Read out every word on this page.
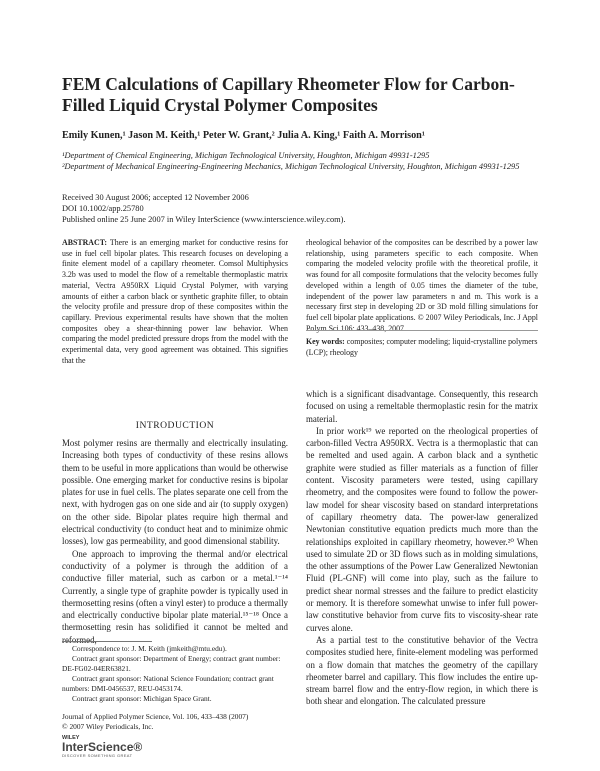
FEM Calculations of Capillary Rheometer Flow for Carbon-Filled Liquid Crystal Polymer Composites
Emily Kunen,¹ Jason M. Keith,¹ Peter W. Grant,² Julia A. King,¹ Faith A. Morrison¹
¹Department of Chemical Engineering, Michigan Technological University, Houghton, Michigan 49931-1295
²Department of Mechanical Engineering-Engineering Mechanics, Michigan Technological University, Houghton, Michigan 49931-1295
Received 30 August 2006; accepted 12 November 2006
DOI 10.1002/app.25780
Published online 25 June 2007 in Wiley InterScience (www.interscience.wiley.com).
ABSTRACT: There is an emerging market for conductive resins for use in fuel cell bipolar plates. This research focuses on developing a finite element model of a capillary rheometer. Comsol Multiphysics 3.2b was used to model the flow of a remeltable thermoplastic matrix material, Vectra A950RX Liquid Crystal Polymer, with varying amounts of either a carbon black or synthetic graphite filler, to obtain the velocity profile and pressure drop of these composites within the capillary. Previous experimental results have shown that the molten composites obey a shear-thinning power law behavior. When comparing the model predicted pressure drops from the model with the experimental data, very good agreement was obtained. This signifies that the
rheological behavior of the composites can be described by a power law relationship, using parameters specific to each composite. When comparing the modeled velocity profile with the theoretical profile, it was found for all composite formulations that the velocity becomes fully developed within a length of 0.05 times the diameter of the tube, independent of the power law parameters n and m. This work is a necessary first step in developing 2D or 3D mold filling simulations for fuel cell bipolar plate applications. © 2007 Wiley Periodicals, Inc. J Appl Polym Sci 106: 433–438, 2007
Key words: composites; computer modeling; liquid-crystalline polymers (LCP); rheology
INTRODUCTION

Most polymer resins are thermally and electrically insulating. Increasing both types of conductivity of these resins allows them to be useful in more applications than would be otherwise possible. One emerging market for conductive resins is bipolar plates for use in fuel cells. The plates separate one cell from the next, with hydrogen gas on one side and air (to supply oxygen) on the other side. Bipolar plates require high thermal and electrical conductivity (to conduct heat and to minimize ohmic losses), low gas permeability, and good dimensional stability.

One approach to improving the thermal and/or electrical conductivity of a polymer is through the addition of a conductive filler material, such as carbon or a metal.¹⁻¹⁴ Currently, a single type of graphite powder is typically used in thermosetting resins (often a vinyl ester) to produce a thermally and electrically conductive bipolar plate material.¹⁵⁻¹⁸ Once a thermosetting resin has solidified it cannot be melted and reformed,

which is a significant disadvantage. Consequently, this research focused on using a remeltable thermoplastic resin for the matrix material.

In prior work¹⁹ we reported on the rheological properties of carbon-filled Vectra A950RX. Vectra is a thermoplastic that can be remelted and used again. A carbon black and a synthetic graphite were studied as filler materials as a function of filler content. Viscosity parameters were tested, using capillary rheometry, and the composites were found to follow the power-law model for shear viscosity based on standard interpretations of capillary rheometry data. The power-law generalized Newtonian constitutive equation predicts much more than the relationships exploited in capillary rheometry, however.²⁰ When used to simulate 2D or 3D flows such as in molding simulations, the other assumptions of the Power Law Generalized Newtonian Fluid (PL-GNF) will come into play, such as the failure to predict shear normal stresses and the failure to predict elasticity or memory. It is therefore somewhat unwise to infer full power-law constitutive behavior from curve fits to viscosity-shear rate curves alone.

As a partial test to the constitutive behavior of the Vectra composites studied here, finite-element modeling was performed on a flow domain that matches the geometry of the capillary rheometer barrel and capillary. This flow includes the entire up-stream barrel flow and the entry-flow region, in which there is both shear and elongation. The calculated pressure

Correspondence to: J. M. Keith (jmkeith@mtu.edu).
Contract grant sponsor: Department of Energy; contract grant number: DE-FG02-04ER63821.
Contract grant sponsor: National Science Foundation; contract grant numbers: DMI-0456537, REU-0453174.
Contract grant sponsor: Michigan Space Grant.
Journal of Applied Polymer Science, Vol. 106, 433–438 (2007)
© 2007 Wiley Periodicals, Inc.
WILEY
InterScience®
DISCOVER SOMETHING GREAT
